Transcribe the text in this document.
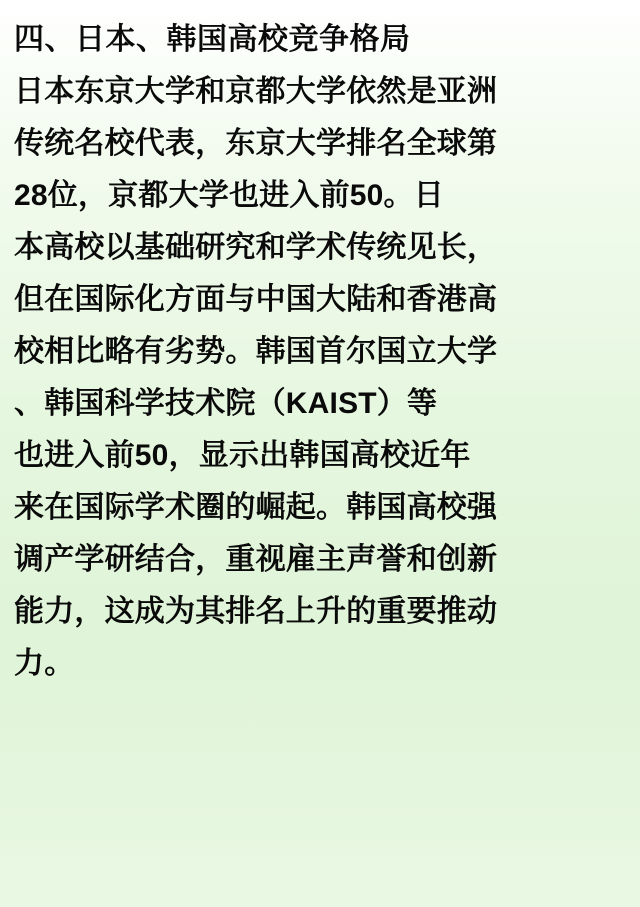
四、日本、韩国高校竞争格局
日本东京大学和京都大学依然是亚洲
传统名校代表，东京大学排名全球第
28位，京都大学也进入前50。日
本高校以基础研究和学术传统见长，
但在国际化方面与中国大陆和香港高
校相比略有劣势。韩国首尔国立大学
、韩国科学技术院（KAIST）等
也进入前50，显示出韩国高校近年
来在国际学术圈的崛起。韩国高校强
调产学研结合，重视雇主声誉和创新
能力，这成为其排名上升的重要推动
力。
